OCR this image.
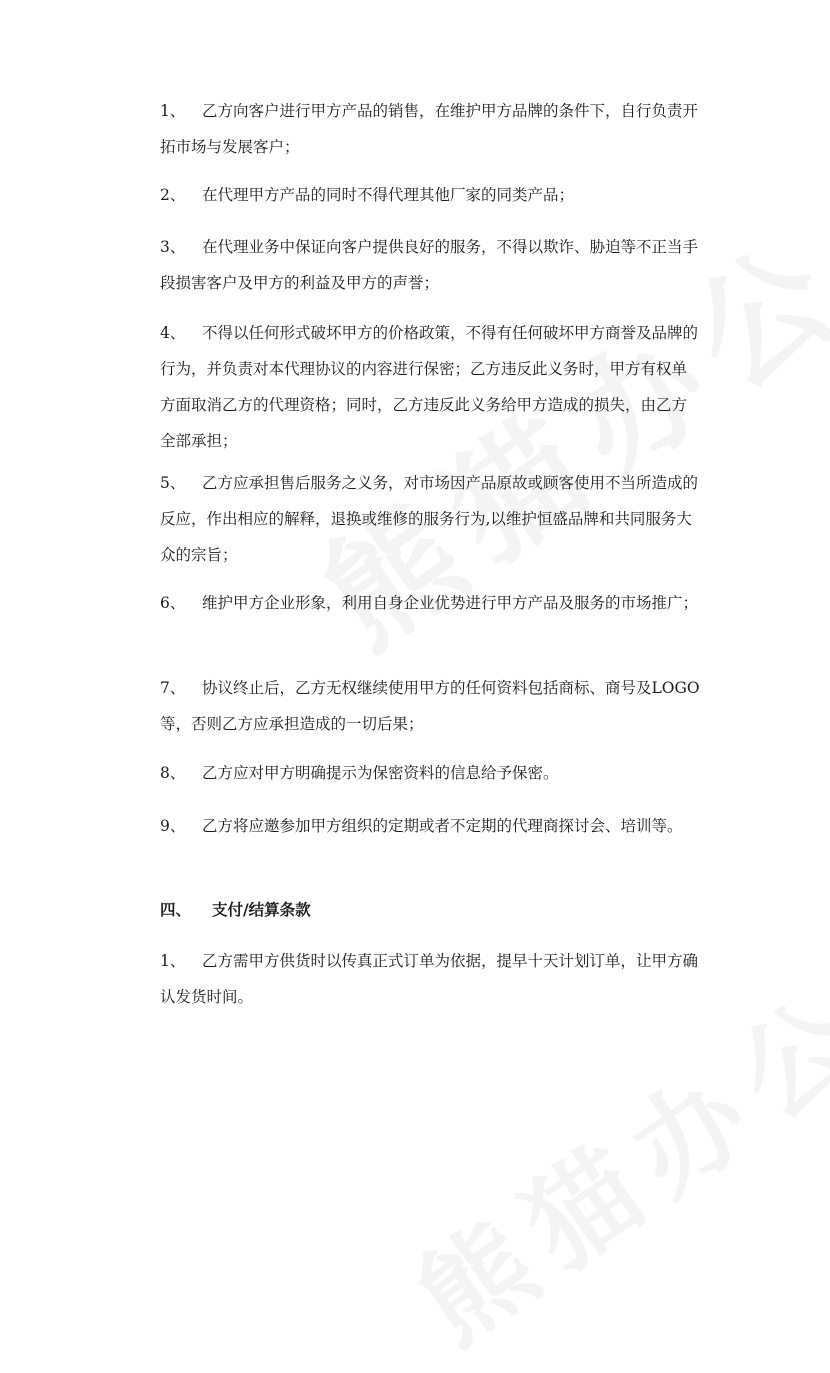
1、 乙方向客户进行甲方产品的销售，在维护甲方品牌的条件下，自行负责开拓市场与发展客户；
2、 在代理甲方产品的同时不得代理其他厂家的同类产品；
3、 在代理业务中保证向客户提供良好的服务，不得以欺诈、胁迫等不正当手段损害客户及甲方的利益及甲方的声誉；
4、 不得以任何形式破坏甲方的价格政策，不得有任何破坏甲方商誉及品牌的行为，并负责对本代理协议的内容进行保密；乙方违反此义务时，甲方有权单方面取消乙方的代理资格；同时，乙方违反此义务给甲方造成的损失，由乙方全部承担；
5、 乙方应承担售后服务之义务，对市场因产品原故或顾客使用不当所造成的反应，作出相应的解释，退换或维修的服务行为,以维护恒盛品牌和共同服务大众的宗旨；
6、 维护甲方企业形象，利用自身企业优势进行甲方产品及服务的市场推广；
7、 协议终止后，乙方无权继续使用甲方的任何资料包括商标、商号及LOGO等，否则乙方应承担造成的一切后果；
8、 乙方应对甲方明确提示为保密资料的信息给予保密。
9、 乙方将应邀参加甲方组织的定期或者不定期的代理商探讨会、培训等。
四、 支付/结算条款
1、 乙方需甲方供货时以传真正式订单为依据，提早十天计划订单，让甲方确认发货时间。
